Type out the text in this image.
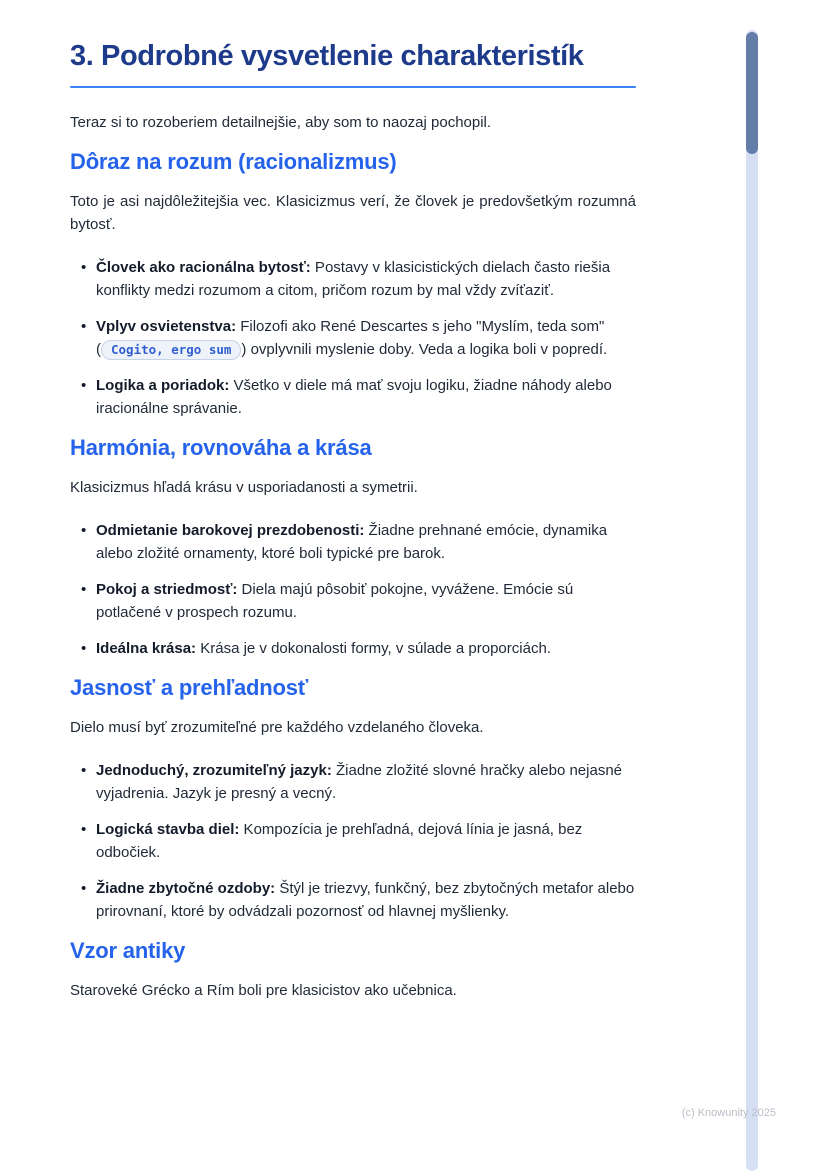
3. Podrobné vysvetlenie charakteristík

Teraz si to rozoberiem detailnejšie, aby som to naozaj pochopil.

Dôraz na rozum (racionalizmus)

Toto je asi najdôležitejšia vec. Klasicizmus verí, že človek je predovšetkým rozumná bytosť.

• Človek ako racionálna bytosť: Postavy v klasicistických dielach často riešia konflikty medzi rozumom a citom, pričom rozum by mal vždy zvíťaziť.
• Vplyv osvietenstva: Filozofi ako René Descartes s jeho "Myslím, teda som" ( Cogito, ergo sum ) ovplyvnili myslenie doby. Veda a logika boli v popredí.
• Logika a poriadok: Všetko v diele má mať svoju logiku, žiadne náhody alebo iracionálne správanie.
Harmónia, rovnováha a krása

Klasicizmus hľadá krásu v usporiadanosti a symetrii.

• Odmietanie barokovej prezdobenosti: Žiadne prehnané emócie, dynamika alebo zložité ornamenty, ktoré boli typické pre barok.
• Pokoj a striedmosť: Diela majú pôsobiť pokojne, vyvážene. Emócie sú potlačené v prospech rozumu.
• Ideálna krása: Krása je v dokonalosti formy, v súlade a proporciách.
Jasnosť a prehľadnosť

Dielo musí byť zrozumiteľné pre každého vzdelaného človeka.

• Jednoduchý, zrozumiteľný jazyk: Žiadne zložité slovné hračky alebo nejasné vyjadrenia. Jazyk je presný a vecný.
• Logická stavba diel: Kompozícia je prehľadná, dejová línia je jasná, bez odbočiek.
• Žiadne zbytočné ozdoby: Štýl je triezvy, funkčný, bez zbytočných metafor alebo prirovnaní, ktoré by odvádzali pozornosť od hlavnej myšlienky.
Vzor antiky

Staroveké Grécko a Rím boli pre klasicistov ako učebnica.

(c) Knowunity 2025
